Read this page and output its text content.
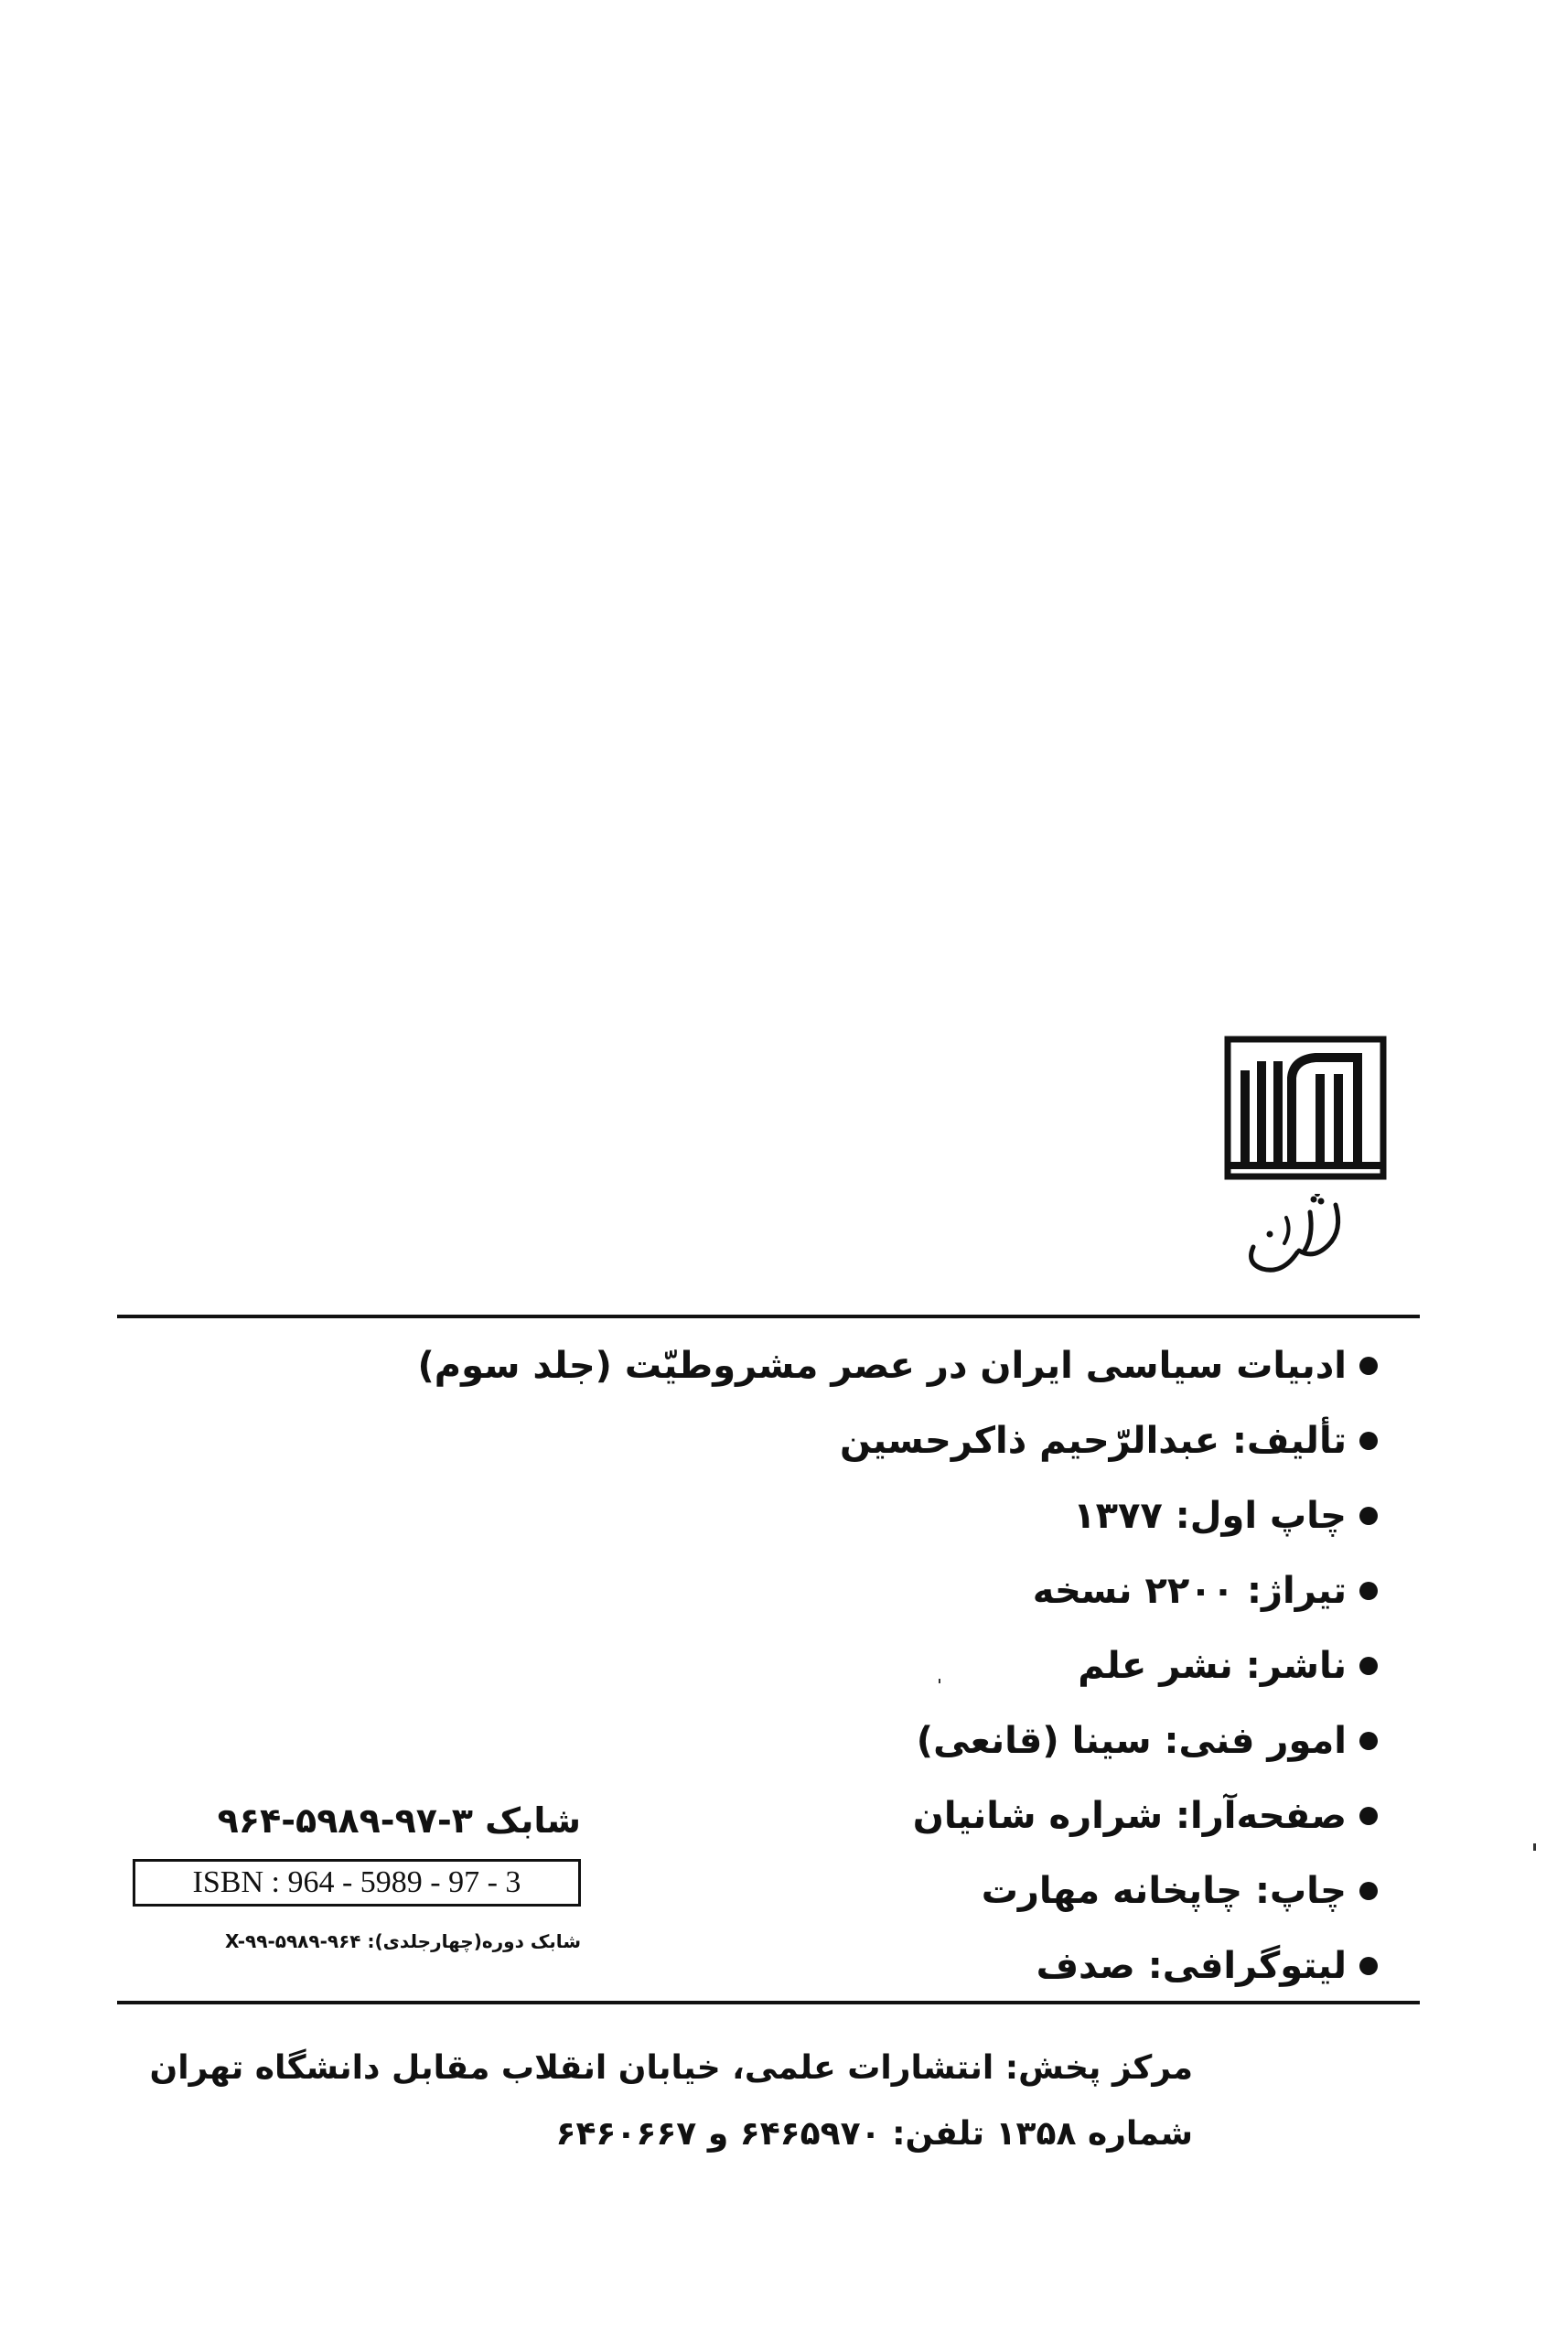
ادبیات سیاسی ایران در عصر مشروطیّت (جلد سوم)
تألیف: عبدالرّحیم ذاکرحسین
چاپ اول: ۱۳۷۷
تیراژ: ۲۲۰۰ نسخه
ناشر: نشر علم
امور فنی: سینا (قانعی)
صفحه‌آرا: شراره شانیان
چاپ: چاپخانه مهارت
لیتوگرافی: صدف
شابک ۳-۹۷-۵۹۸۹-۹۶۴
ISBN : 964 - 5989 - 97 - 3
شابک دوره(چهارجلدی): X-۹۹-۵۹۸۹-۹۶۴
مرکز پخش: انتشارات علمی، خیابان انقلاب مقابل دانشگاه تهران
شماره ۱۳۵۸ تلفن: ۶۴۶۵۹۷۰ و ۶۴۶۰۶۶۷
